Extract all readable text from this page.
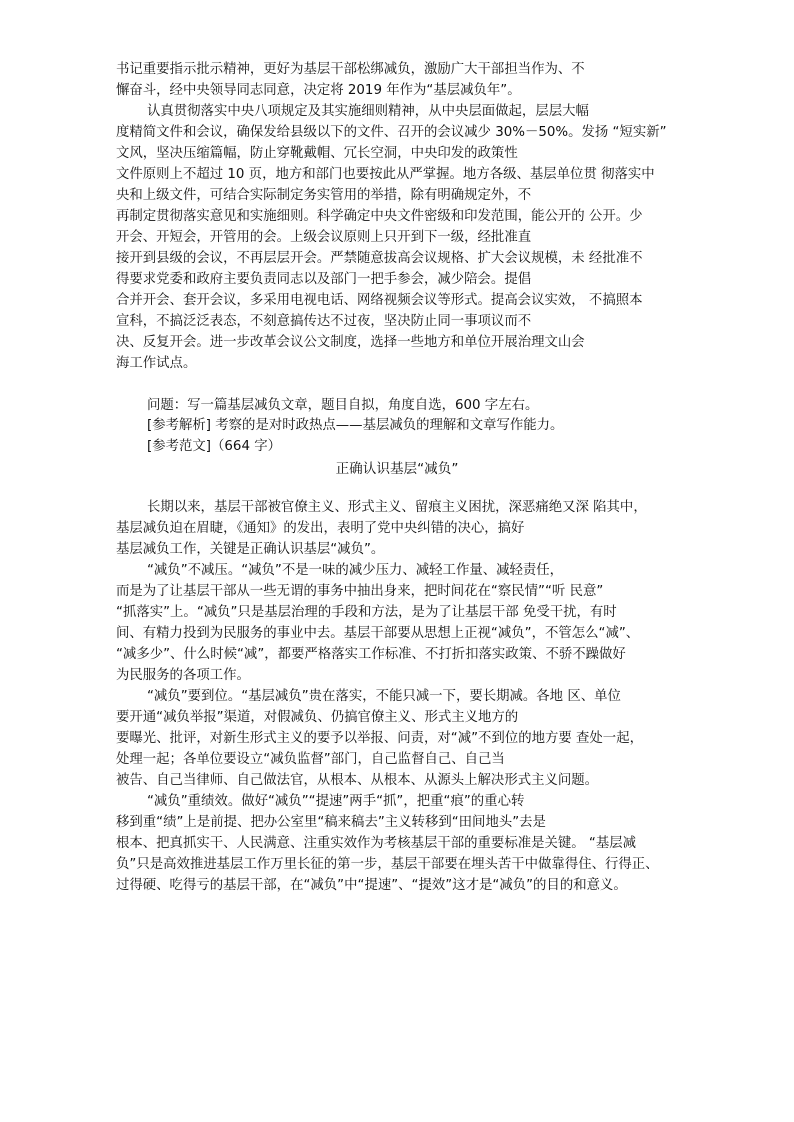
书记重要指示批示精神，更好为基层干部松绑减负，激励广大干部担当作为、不
懈奋斗，经中央领导同志同意，决定将 2019 年作为“基层减负年”。
认真贯彻落实中央八项规定及其实施细则精神，从中央层面做起，层层大幅
度精简文件和会议，确保发给县级以下的文件、召开的会议减少 30%－50%。发扬 “短实新”
文风，坚决压缩篇幅，防止穿靴戴帽、冗长空洞，中央印发的政策性
文件原则上不超过 10 页，地方和部门也要按此从严掌握。地方各级、基层单位贯 彻落实中
央和上级文件，可结合实际制定务实管用的举措，除有明确规定外，不
再制定贯彻落实意见和实施细则。科学确定中央文件密级和印发范围，能公开的 公开。少
开会、开短会，开管用的会。上级会议原则上只开到下一级，经批准直
接开到县级的会议，不再层层开会。严禁随意拔高会议规格、扩大会议规模，未 经批准不
得要求党委和政府主要负责同志以及部门一把手参会，减少陪会。提倡
合并开会、套开会议，多采用电视电话、网络视频会议等形式。提高会议实效， 不搞照本
宣科，不搞泛泛表态，不刻意搞传达不过夜，坚决防止同一事项议而不
决、反复开会。进一步改革会议公文制度，选择一些地方和单位开展治理文山会
海工作试点。
问题：写一篇基层减负文章，题目自拟，角度自选，600 字左右。
[参考解析] 考察的是对时政热点——基层减负的理解和文章写作能力。
[参考范文]（664 字）
正确认识基层“减负”
长期以来，基层干部被官僚主义、形式主义、留痕主义困扰，深恶痛绝又深 陷其中，
基层减负迫在眉睫，《通知》的发出，表明了党中央纠错的决心，搞好
基层减负工作，关键是正确认识基层“减负”。
“减负”不减压。“减负”不是一味的减少压力、减轻工作量、减轻责任，
而是为了让基层干部从一些无谓的事务中抽出身来，把时间花在“察民情”“听 民意”
“抓落实”上。“减负”只是基层治理的手段和方法，是为了让基层干部 免受干扰，有时
间、有精力投到为民服务的事业中去。基层干部要从思想上正视“减负”，不管怎么“减”、
“减多少”、什么时候“减”，都要严格落实工作标准、不打折扣落实政策、不骄不躁做好
为民服务的各项工作。
“减负”要到位。“基层减负”贵在落实，不能只减一下，要长期减。各地 区、单位
要开通“减负举报”渠道，对假减负、仍搞官僚主义、形式主义地方的
要曝光、批评，对新生形式主义的要予以举报、问责，对“减”不到位的地方要 查处一起，
处理一起；各单位要设立“减负监督”部门，自己监督自己、自己当
被告、自己当律师、自己做法官，从根本、从根本、从源头上解决形式主义问题。
“减负”重绩效。做好“减负”“提速”两手“抓”，把重“痕”的重心转
移到重“绩”上是前提、把办公室里“稿来稿去”主义转移到“田间地头”去是
根本、把真抓实干、人民满意、注重实效作为考核基层干部的重要标准是关键。 “基层减
负”只是高效推进基层工作万里长征的第一步，基层干部要在埋头苦干中做靠得住、行得正、
过得硬、吃得亏的基层干部，在“减负”中“提速”、“提效”这才是“减负”的目的和意义。
